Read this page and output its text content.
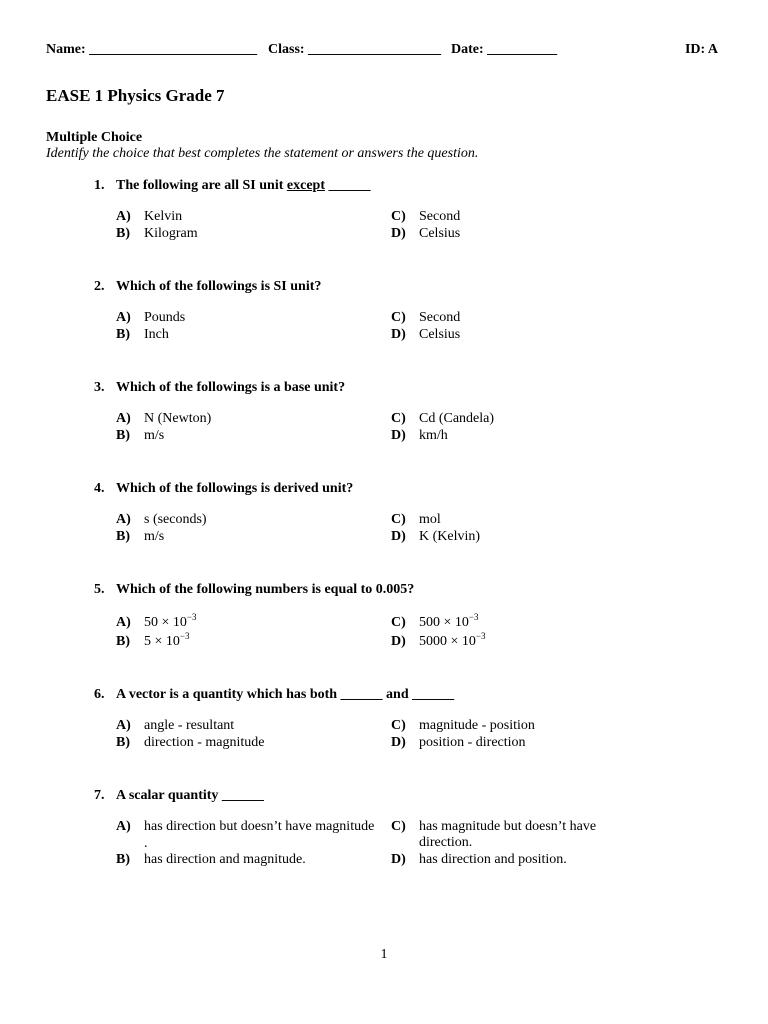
Name: ________________________ Class: ___________________ Date: __________	ID: A
EASE 1 Physics Grade 7
Multiple Choice
Identify the choice that best completes the statement or answers the question.
1. The following are all SI unit except ______
A) Kelvin
B) Kilogram
C) Second
D) Celsius
2. Which of the followings is SI unit?
A) Pounds
B) Inch
C) Second
D) Celsius
3. Which of the followings is a base unit?
A) N (Newton)
B) m/s
C) Cd (Candela)
D) km/h
4. Which of the followings is derived unit?
A) s (seconds)
B) m/s
C) mol
D) K (Kelvin)
5. Which of the following numbers is equal to 0.005?
A) $50 \times 10^{-3}$
B) $5 \times 10^{-3}$
C) $500 \times 10^{-3}$
D) $5000 \times 10^{-3}$
6. A vector is a quantity which has both ______ and ______
A) angle - resultant
B) direction - magnitude
C) magnitude - position
D) position - direction
7. A scalar quantity ______
A) has direction but doesn’t have magnitude
.
B) has direction and magnitude.
C) has magnitude but doesn’t have direction.
D) has direction and position.
1
